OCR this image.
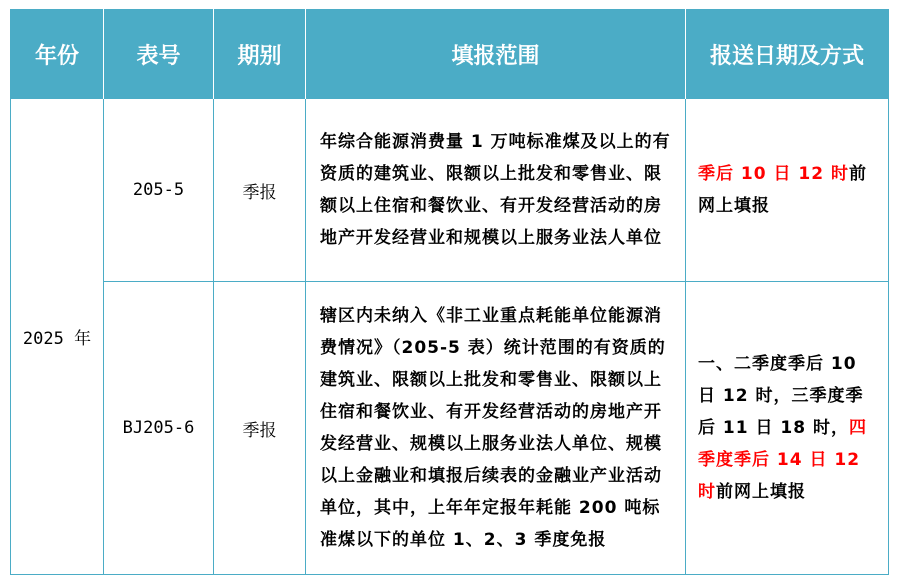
年份	表号	期别	填报范围	报送日期及方式
2025 年	205-5	季报	年综合能源消费量 1 万吨标准煤及以上的有资质的建筑业、限额以上批发和零售业、限额以上住宿和餐饮业、有开发经营活动的房地产开发经营业和规模以上服务业法人单位	季后 10 日 12 时前网上填报

	BJ205-6	季报	辖区内未纳入《非工业重点耗能单位能源消费情况》（205-5 表）统计范围的有资质的建筑业、限额以上批发和零售业、限额以上住宿和餐饮业、有开发经营活动的房地产开发经营业、规模以上服务业法人单位、规模以上金融业和填报后续表的金融业产业活动单位，其中，上年年定报年耗能 200 吨标准煤以下的单位 1、2、3 季度免报	一、二季度季后 10 日 12 时，三季度季后 11 日 18 时，四季度季后 14 日 12 时前网上填报
